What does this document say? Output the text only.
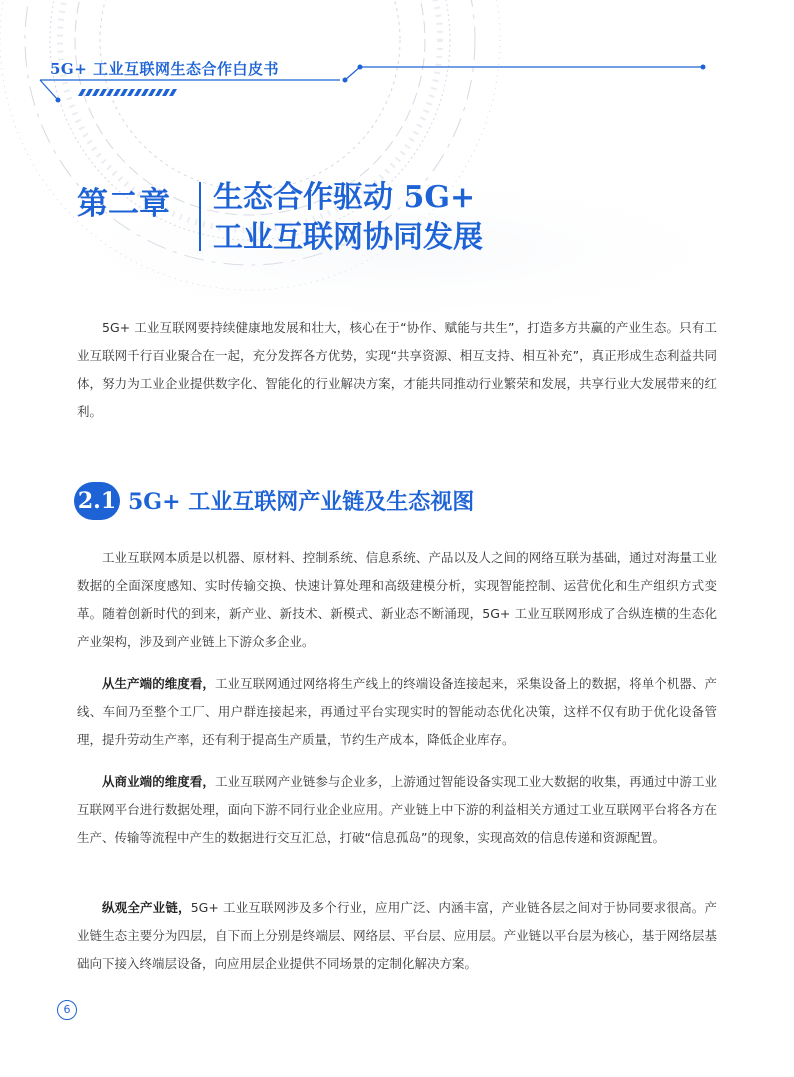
5G+ 工业互联网生态合作白皮书
第二章 生态合作驱动 5G+
工业互联网协同发展

5G+ 工业互联网要持续健康地发展和壮大，核心在于“协作、赋能与共生”，打造多方共赢的产业生态。只有工业互联网千行百业聚合在一起，充分发挥各方优势，实现“共享资源、相互支持、相互补充”，真正形成生态利益共同体，努力为工业企业提供数字化、智能化的行业解决方案，才能共同推动行业繁荣和发展，共享行业大发展带来的红利。

2.1 5G+ 工业互联网产业链及生态视图

工业互联网本质是以机器、原材料、控制系统、信息系统、产品以及人之间的网络互联为基础，通过对海量工业数据的全面深度感知、实时传输交换、快速计算处理和高级建模分析，实现智能控制、运营优化和生产组织方式变革。随着创新时代的到来，新产业、新技术、新模式、新业态不断涌现，5G+ 工业互联网形成了合纵连横的生态化产业架构，涉及到产业链上下游众多企业。

从生产端的维度看，工业互联网通过网络将生产线上的终端设备连接起来，采集设备上的数据，将单个机器、产线、车间乃至整个工厂、用户群连接起来，再通过平台实现实时的智能动态优化决策，这样不仅有助于优化设备管理，提升劳动生产率，还有利于提高生产质量，节约生产成本，降低企业库存。

从商业端的维度看，工业互联网产业链参与企业多，上游通过智能设备实现工业大数据的收集，再通过中游工业互联网平台进行数据处理，面向下游不同行业企业应用。产业链上中下游的利益相关方通过工业互联网平台将各方在生产、传输等流程中产生的数据进行交互汇总，打破“信息孤岛”的现象，实现高效的信息传递和资源配置。

纵观全产业链，5G+ 工业互联网涉及多个行业，应用广泛、内涵丰富，产业链各层之间对于协同要求很高。产业链生态主要分为四层，自下而上分别是终端层、网络层、平台层、应用层。产业链以平台层为核心，基于网络层基础向下接入终端层设备，向应用层企业提供不同场景的定制化解决方案。

6
